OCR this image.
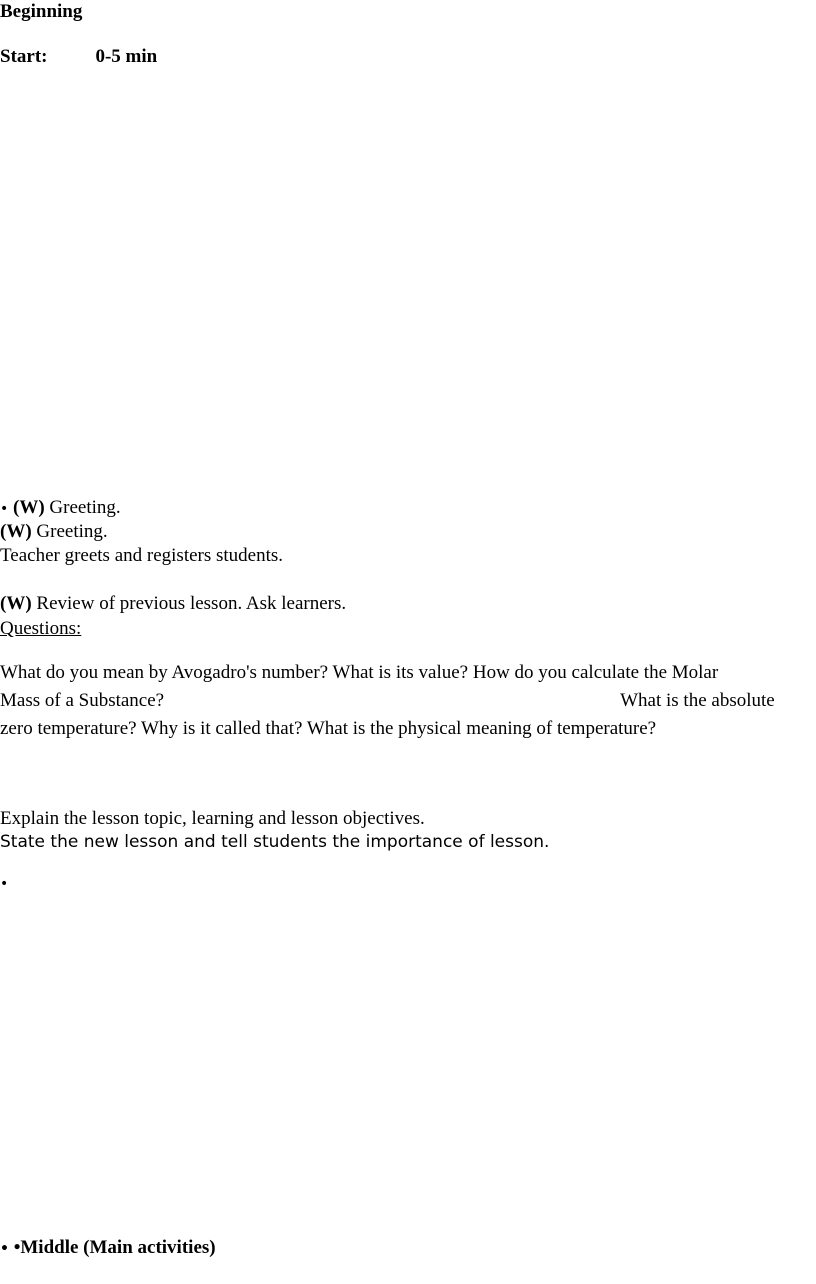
Beginning
Start:	0-5 min
• (W) Greeting.
(W) Greeting.
Teacher greets and registers students.
(W) Review of previous lesson. Ask learners.
Questions:
What do you mean by Avogadro's number? What is its value? How do you calculate the Molar
Mass of a Substance?	What is the absolute
zero temperature? Why is it called that? What is the physical meaning of temperature?
Explain the lesson topic, learning and lesson objectives.
State the new lesson and tell students the importance of lesson.
•
• •Middle (Main activities)
